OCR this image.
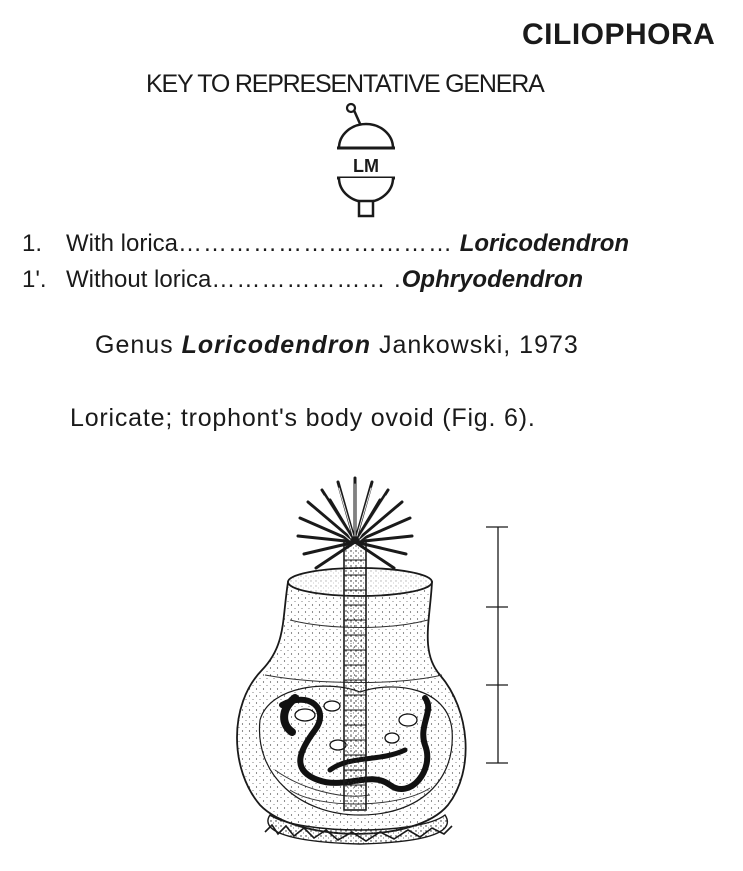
CILIOPHORA
KEY TO REPRESENTATIVE GENERA
LM
1. With lorica…………………………… Loricodendron
1'. Without lorica………………… .Ophryodendron
Genus Loricodendron Jankowski, 1973
Loricate; trophont's body ovoid (Fig. 6).
